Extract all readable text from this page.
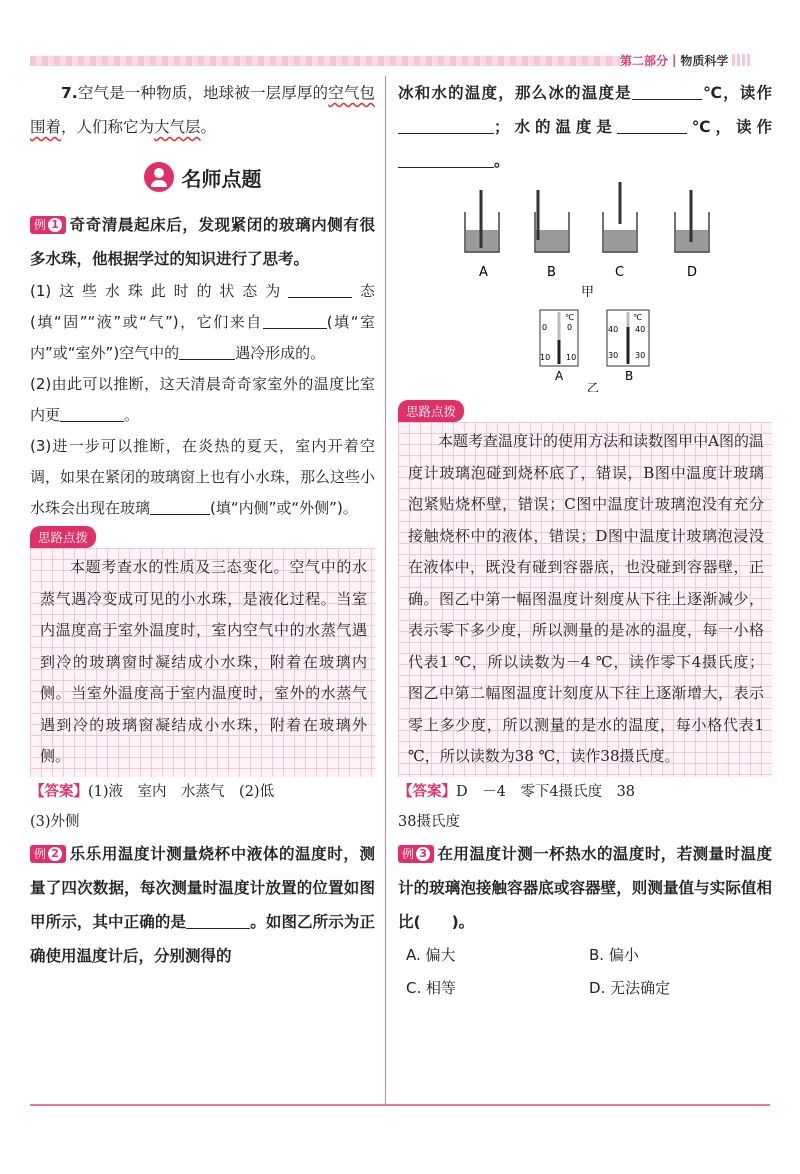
第二部分 | 物质科学

7.空气是一种物质，地球被一层厚厚的空气包围着，人们称它为大气层。

名师点题

例 1 奇奇清晨起床后，发现紧闭的玻璃内侧有很多水珠，他根据学过的知识进行了思考。

(1)这些水珠此时的状态为	态(填“固”“液”或“气”)，它们来自	(填“室内”或“室外”)空气中的	遇冷形成的。

(2)由此可以推断，这天清晨奇奇家室外的温度比室内更	。

(3)进一步可以推断，在炎热的夏天，室内开着空调，如果在紧闭的玻璃窗上也有小水珠，那么这些小水珠会出现在玻璃	(填“内侧”或“外侧”)。

思路点拨

本题考查水的性质及三态变化。空气中的水蒸气遇冷变成可见的小水珠，是液化过程。当室内温度高于室外温度时，室内空气中的水蒸气遇到冷的玻璃窗时凝结成小水珠，附着在玻璃内侧。当室外温度高于室内温度时，室外的水蒸气遇到冷的玻璃窗凝结成小水珠，附着在玻璃外侧。

【答案】(1)液　室内　水蒸气　(2)低
(3)外侧

例 2 乐乐用温度计测量烧杯中液体的温度时，测量了四次数据，每次测量时温度计放置的位置如图甲所示，其中正确的是	。如图乙所示为正确使用温度计后，分别测得的

冰和水的温度，那么冰的温度是	℃，读作；水的温度是	℃，读作。

A	B	C	D
甲
℃
0 0
10 10
℃
40 40
30 30
A	B
乙
思路点拨

本题考查温度计的使用方法和读数图甲中A图的温度计玻璃泡碰到烧杯底了，错误，B图中温度计玻璃泡紧贴烧杯壁，错误；C图中温度计玻璃泡没有充分接触烧杯中的液体，错误；D图中温度计玻璃泡浸没在液体中，既没有碰到容器底，也没碰到容器壁，正确。图乙中第一幅图温度计刻度从下往上逐渐减少，表示零下多少度，所以测量的是冰的温度，每一小格代表1 ℃，所以读数为－4 ℃，读作零下4摄氏度；图乙中第二幅图温度计刻度从下往上逐渐增大，表示零上多少度，所以测量的是水的温度，每小格代表1 ℃，所以读数为38 ℃，读作38摄氏度。

【答案】D　－4　零下4摄氏度　38
38摄氏度

例 3 在用温度计测一杯热水的温度时，若测量时温度计的玻璃泡接触容器底或容器壁，则测量值与实际值相比(　　)。

A. 偏大	B. 偏小
C. 相等	D. 无法确定
